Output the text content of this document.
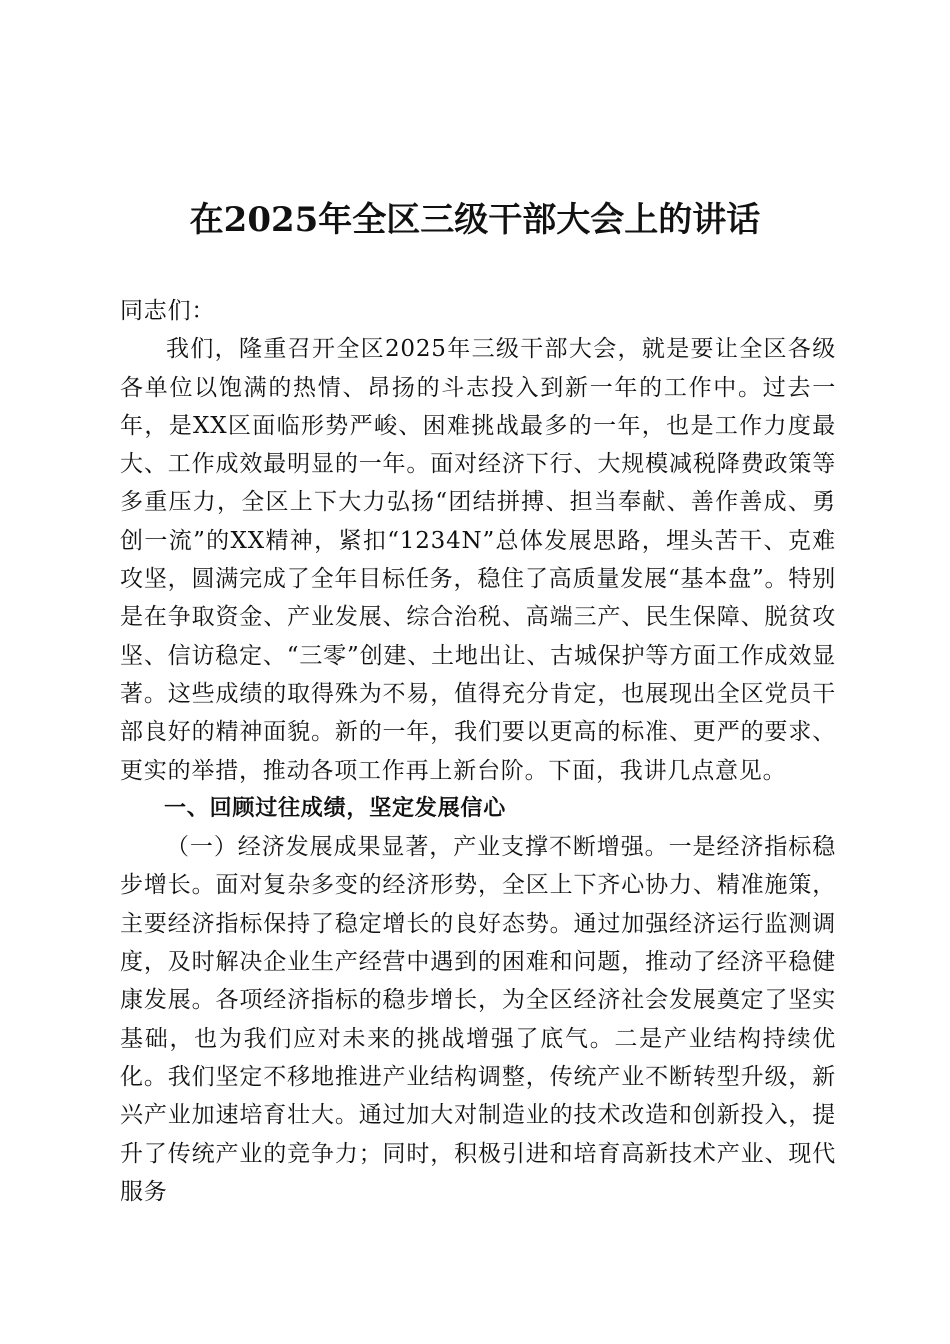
在2025年全区三级干部大会上的讲话

同志们：

我们，隆重召开全区2025年三级干部大会，就是要让全区各级各单位以饱满的热情、昂扬的斗志投入到新一年的工作中。过去一年，是XX区面临形势严峻、困难挑战最多的一年，也是工作力度最大、工作成效最明显的一年。面对经济下行、大规模减税降费政策等多重压力，全区上下大力弘扬“团结拼搏、担当奉献、善作善成、勇创一流”的XX精神，紧扣“1234N”总体发展思路，埋头苦干、克难攻坚，圆满完成了全年目标任务，稳住了高质量发展“基本盘”。特别是在争取资金、产业发展、综合治税、高端三产、民生保障、脱贫攻坚、信访稳定、“三零”创建、土地出让、古城保护等方面工作成效显著。这些成绩的取得殊为不易，值得充分肯定，也展现出全区党员干部良好的精神面貌。新的一年，我们要以更高的标准、更严的要求、更实的举措，推动各项工作再上新台阶。下面，我讲几点意见。

一、回顾过往成绩，坚定发展信心

（一）经济发展成果显著，产业支撑不断增强。一是经济指标稳步增长。面对复杂多变的经济形势，全区上下齐心协力、精准施策，主要经济指标保持了稳定增长的良好态势。通过加强经济运行监测调度，及时解决企业生产经营中遇到的困难和问题，推动了经济平稳健康发展。各项经济指标的稳步增长，为全区经济社会发展奠定了坚实基础，也为我们应对未来的挑战增强了底气。二是产业结构持续优化。我们坚定不移地推进产业结构调整，传统产业不断转型升级，新兴产业加速培育壮大。通过加大对制造业的技术改造和创新投入，提升了传统产业的竞争力；同时，积极引进和培育高新技术产业、现代服务
